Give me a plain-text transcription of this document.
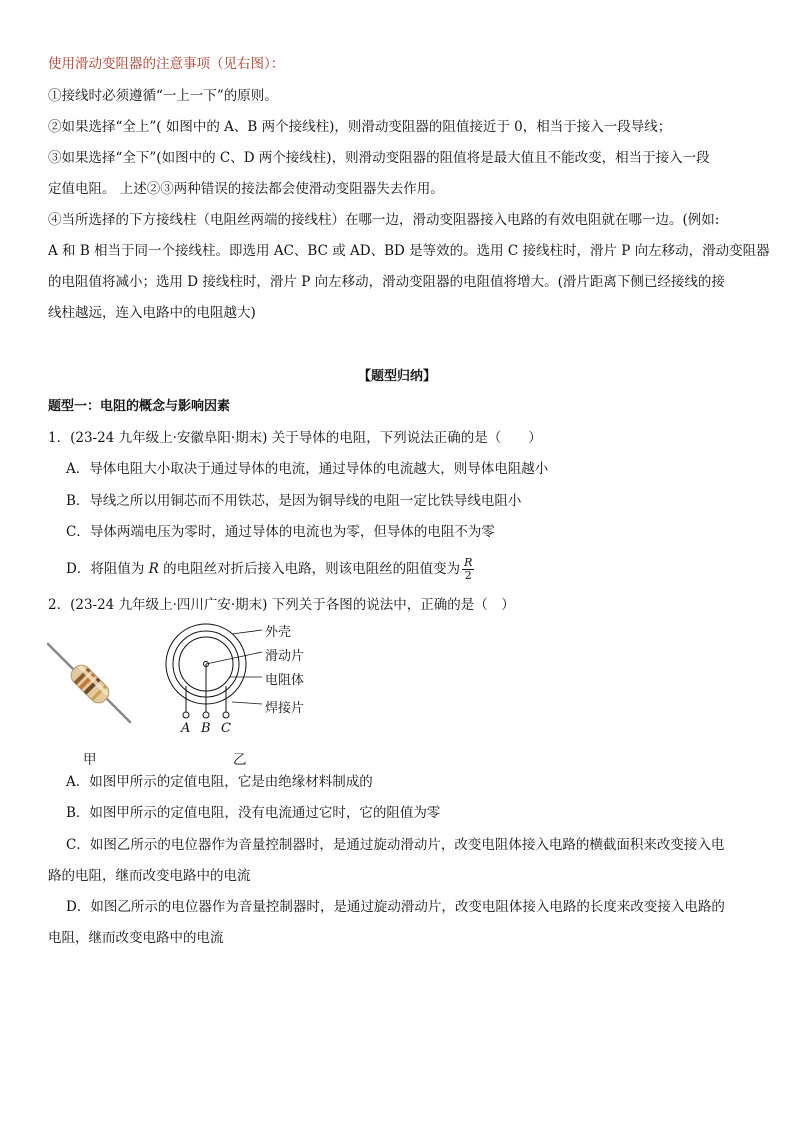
使用滑动变阻器的注意事项（见右图）：
①接线时必须遵循“一上一下”的原则。
②如果选择“全上”( 如图中的 A、B 两个接线柱)，则滑动变阻器的阻值接近于 0，相当于接入一段导线；
③如果选择“全下”(如图中的 C、D 两个接线柱)，则滑动变阻器的阻值将是最大值且不能改变，相当于接入一段
定值电阻。 上述②③两种错误的接法都会使滑动变阻器失去作用。
④当所选择的下方接线柱（电阻丝两端的接线柱）在哪一边，滑动变阻器接入电路的有效电阻就在哪一边。(例如:
A 和 B 相当于同一个接线柱。即选用 AC、BC 或 AD、BD 是等效的。选用 C 接线柱时，滑片 P 向左移动，滑动变阻器
的电阻值将减小；选用 D 接线柱时，滑片 P 向左移动，滑动变阻器的电阻值将增大。(滑片距离下侧已经接线的接
线柱越远，连入电路中的电阻越大)
【题型归纳】
题型一：电阻的概念与影响因素
1．(23-24 九年级上·安徽阜阳·期末) 关于导体的电阻，下列说法正确的是（　　）
A．导体电阻大小取决于通过导体的电流，通过导体的电流越大，则导体电阻越小
B．导线之所以用铜芯而不用铁芯，是因为铜导线的电阻一定比铁导线电阻小
C．导体两端电压为零时，通过导体的电流也为零，但导体的电阻不为零
D．将阻值为 R 的电阻丝对折后接入电路，则该电阻丝的阻值变为 $\frac{R}{2}$
2．(23-24 九年级上·四川广安·期末) 下列关于各图的说法中，正确的是（　）
外壳
滑动片
电阻体
焊接片
A B C
甲	乙
A．如图甲所示的定值电阻，它是由绝缘材料制成的
B．如图甲所示的定值电阻，没有电流通过它时，它的阻值为零
C．如图乙所示的电位器作为音量控制器时，是通过旋动滑动片，改变电阻体接入电路的横截面积来改变接入电
路的电阻，继而改变电路中的电流
D．如图乙所示的电位器作为音量控制器时，是通过旋动滑动片，改变电阻体接入电路的长度来改变接入电路的
电阻，继而改变电路中的电流
